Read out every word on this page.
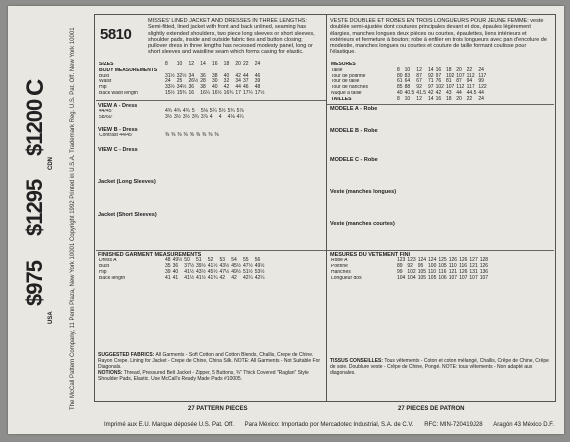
5810
MISSES' LINED JACKET AND DRESSES IN THREE LENGTHS: Semi-fitted, lined jacket with front and back unlined, seaming has slightly extended shoulders, two piece long sleeves or short sleeves, shoulder pads, inside and outside fabric ties and button closing; pullover dress in three lengths has recessed modesty panel, long or short sleeves and waistline seam which forms casing for elastic.
VESTE DOUBLEE ET ROBES EN TROIS LONGUEURS POUR JEUNE FEMME: veste doublée semi-ajustée dont coutures principales devant et dos, épaules légèrement élargies, manches longues deux pièces ou courtes, épaulettes, liens intérieurs et extérieurs et fermeture à bouton; robe à enfiler en trois longueurs avec pan d'encolure de modestie, manches longues ou courtes et couture de taille formant coulisse pour l'élastique.
$975
$1295
$1200
USA
CDN
C	The McCall Pattern Company, 11 Penn Plaza, New York 10001 Copyright 1992 Printed in U.S.A. Trademark Reg. U.S. Pat. Off. New York 10001	SIZES	8	10	12	14	16	18	20	22	24
BODY MEASUREMENTS									
Bust	31½	32½	34	36	38	40	42	44	46
Waist	24	25	26½	28	30	32	34	37	39
Hip	33½	34½	36	38	40	42	44	46	48
Back waist length	15½	15¾	16	16¼	16½	16¾	17	17¼	17½
VIEW A - Dress
44/45"	4¾	4¾	4¾	5	5⅛	5¼	5½	5¾	5⅞
58/60"	3½	3½	3½	3¾	3⅞	4	4	4⅛	4¼
VIEW B - Dress
Contrast 44/45"	⅜	⅜	⅜	⅜	⅜	⅜	⅜	⅜	⅜
VIEW C - Dress
Jacket (Long Sleeves)
Jacket (Short Sleeves)
FINISHED GARMENT MEASUREMENTS
Dress A	48	49½	50	51	52	53	54	55	56
Bust	35	36	37½	39½	41½	43½	45½	47½	49½
Hip	39	40	41½	43½	45½	47½	49½	51½	53½
Back length	41	41	41½	41½	41¾	42	42	42¼	42¼
SUGGESTED FABRICS: All Garments - Soft Cotton and Cotton Blends, Challis, Crepe de Chine. Rayon Crepe. Lining for Jacket - Crepe de Chine, China Silk. NOTE: All Garments - Not Suitable For Diagonals.
NOTIONS: Thread, Pressured Belt Jacket - Zipper, 5 Buttons, ¾" Thick Covered "Raglan" Style Shoulder Pads, Elastic. Use McCall's Ready Made Pads #10005.
MESURES									
Taille	8	10	12	14	16	18	20	22	24
Tour de poitrine	80	83	87	92	97	102	107	112	117
Tour de taille	61	64	67	71	76	81	87	94	99
Tour de hanches	85	88	92	97	102	107	112	117	122
Nuque à taille	40	40.5	41.5	42	42	43	44	44.5	44
TAILLES	8	10	12	14	16	18	20	22	24
MODELE A - Robe
MODELE B - Robe
MODELE C - Robe
Veste (manches longues)
Veste (manches courtes)
MESURES DU VETEMENT FINI
Robe A	123	123	124	124	125	126	126	127	128
Poitrine	89	92	95	100	105	110	116	121	126
Hanches	99	102	105	110	116	121	126	131	136
Longueur dos	104	104	105	105	106	107	107	107	107
TISSUS CONSEILLES: Tous vêtements - Coton et coton mélangé, Challis, Crêpe de Chine, Crêpe de soie. Doublure veste - Crêpe de Chine, Pongé. NOTE: tous vêtements - Non adapté aux diagonales.
27 PATTERN PIECES	27 PIECES DE PATRON
Imprimé aux E.U. Marque déposée U.S. Pat. Off. Para México: Importado por Mercadotec Industrial, S.A. de C.V. RFC: MIN-720419J28 Aragón 43 México D.F.
